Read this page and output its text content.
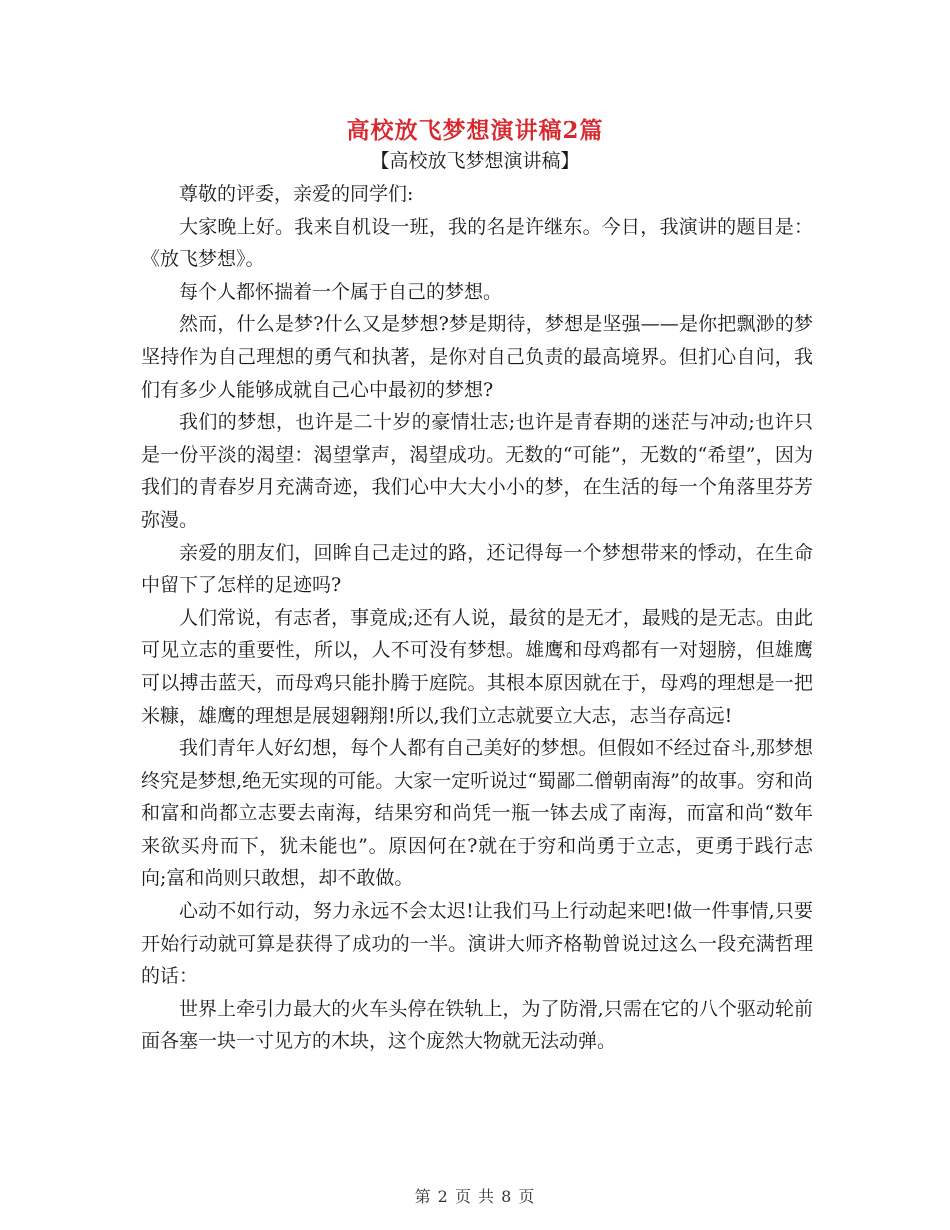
高校放飞梦想演讲稿2篇
【高校放飞梦想演讲稿】

尊敬的评委，亲爱的同学们:

大家晚上好。我来自机设一班，我的名是许继东。今日，我演讲的题目是：《放飞梦想》。

每个人都怀揣着一个属于自己的梦想。

然而，什么是梦?什么又是梦想?梦是期待，梦想是坚强——是你把飘渺的梦坚持作为自己理想的勇气和执著，是你对自己负责的最高境界。但扪心自问，我们有多少人能够成就自己心中最初的梦想?

我们的梦想，也许是二十岁的豪情壮志;也许是青春期的迷茫与冲动;也许只是一份平淡的渴望：渴望掌声，渴望成功。无数的“可能”，无数的“希望”，因为我们的青春岁月充满奇迹，我们心中大大小小的梦，在生活的每一个角落里芬芳弥漫。

亲爱的朋友们，回眸自己走过的路，还记得每一个梦想带来的悸动，在生命中留下了怎样的足迹吗?

人们常说，有志者，事竟成;还有人说，最贫的是无才，最贱的是无志。由此可见立志的重要性，所以，人不可没有梦想。雄鹰和母鸡都有一对翅膀，但雄鹰可以搏击蓝天，而母鸡只能扑腾于庭院。其根本原因就在于，母鸡的理想是一把米糠，雄鹰的理想是展翅翱翔!所以,我们立志就要立大志，志当存高远!

我们青年人好幻想，每个人都有自己美好的梦想。但假如不经过奋斗,那梦想终究是梦想,绝无实现的可能。大家一定听说过“蜀鄙二僧朝南海”的故事。穷和尚和富和尚都立志要去南海，结果穷和尚凭一瓶一钵去成了南海，而富和尚“数年来欲买舟而下，犹未能也”。原因何在?就在于穷和尚勇于立志，更勇于践行志向;富和尚则只敢想，却不敢做。

心动不如行动，努力永远不会太迟!让我们马上行动起来吧!做一件事情,只要开始行动就可算是获得了成功的一半。演讲大师齐格勒曾说过这么一段充满哲理的话：

世界上牵引力最大的火车头停在铁轨上，为了防滑,只需在它的八个驱动轮前面各塞一块一寸见方的木块，这个庞然大物就无法动弹。

第 2 页 共 8 页
